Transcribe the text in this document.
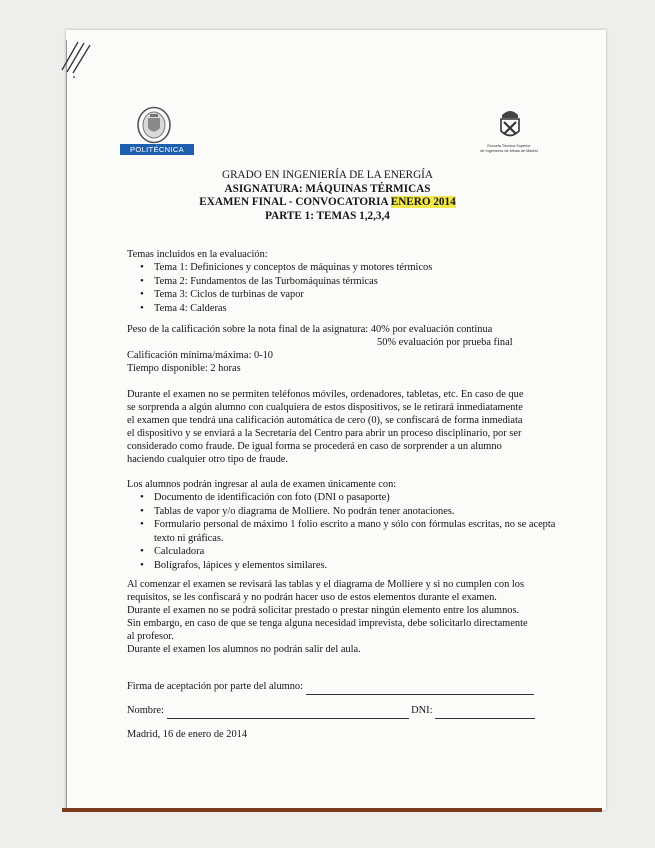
POLITÉCNICA	Escuela Técnica Superior
de Ingenieros de Minas de Madrid
GRADO EN INGENIERÍA DE LA ENERGÍA
ASIGNATURA: MÁQUINAS TÉRMICAS
EXAMEN FINAL - CONVOCATORIA ENERO 2014
PARTE 1: TEMAS 1,2,3,4
Temas incluidos en la evaluación:
• Tema 1: Definiciones y conceptos de máquinas y motores térmicos
• Tema 2: Fundamentos de las Turbomáquinas térmicas
• Tema 3: Ciclos de turbinas de vapor
• Tema 4: Calderas
Peso de la calificación sobre la nota final de la asignatura: 40% por evaluación continua
50% evaluación por prueba final
Calificación mínima/máxima: 0-10
Tiempo disponible: 2 horas
Durante el examen no se permiten teléfonos móviles, ordenadores, tabletas, etc. En caso de que
se sorprenda a algún alumno con cualquiera de estos dispositivos, se le retirará inmediatamente
el examen que tendrá una calificación automática de cero (0), se confiscará de forma inmediata
el dispositivo y se enviará a la Secretaría del Centro para abrir un proceso disciplinario, por ser
considerado como fraude. De igual forma se procederá en caso de sorprender a un alumno
haciendo cualquier otro tipo de fraude.
Los alumnos podrán ingresar al aula de examen únicamente con:
• Documento de identificación con foto (DNI o pasaporte)
• Tablas de vapor y/o diagrama de Molliere. No podrán tener anotaciones.
• Formulario personal de máximo 1 folio escrito a mano y sólo con fórmulas escritas, no se acepta texto ni gráficas.
• Calculadora
• Bolígrafos, lápices y elementos similares.
Al comenzar el examen se revisará las tablas y el diagrama de Molliere y si no cumplen con los
requisitos, se les confiscará y no podrán hacer uso de estos elementos durante el examen.
Durante el examen no se podrá solicitar prestado o prestar ningún elemento entre los alumnos.
Sin embargo, en caso de que se tenga alguna necesidad imprevista, debe solicitarlo directamente
al profesor.
Durante el examen los alumnos no podrán salir del aula.
Firma de aceptación por parte del alumno:
Nombre:	DNI:
Madrid, 16 de enero de 2014
